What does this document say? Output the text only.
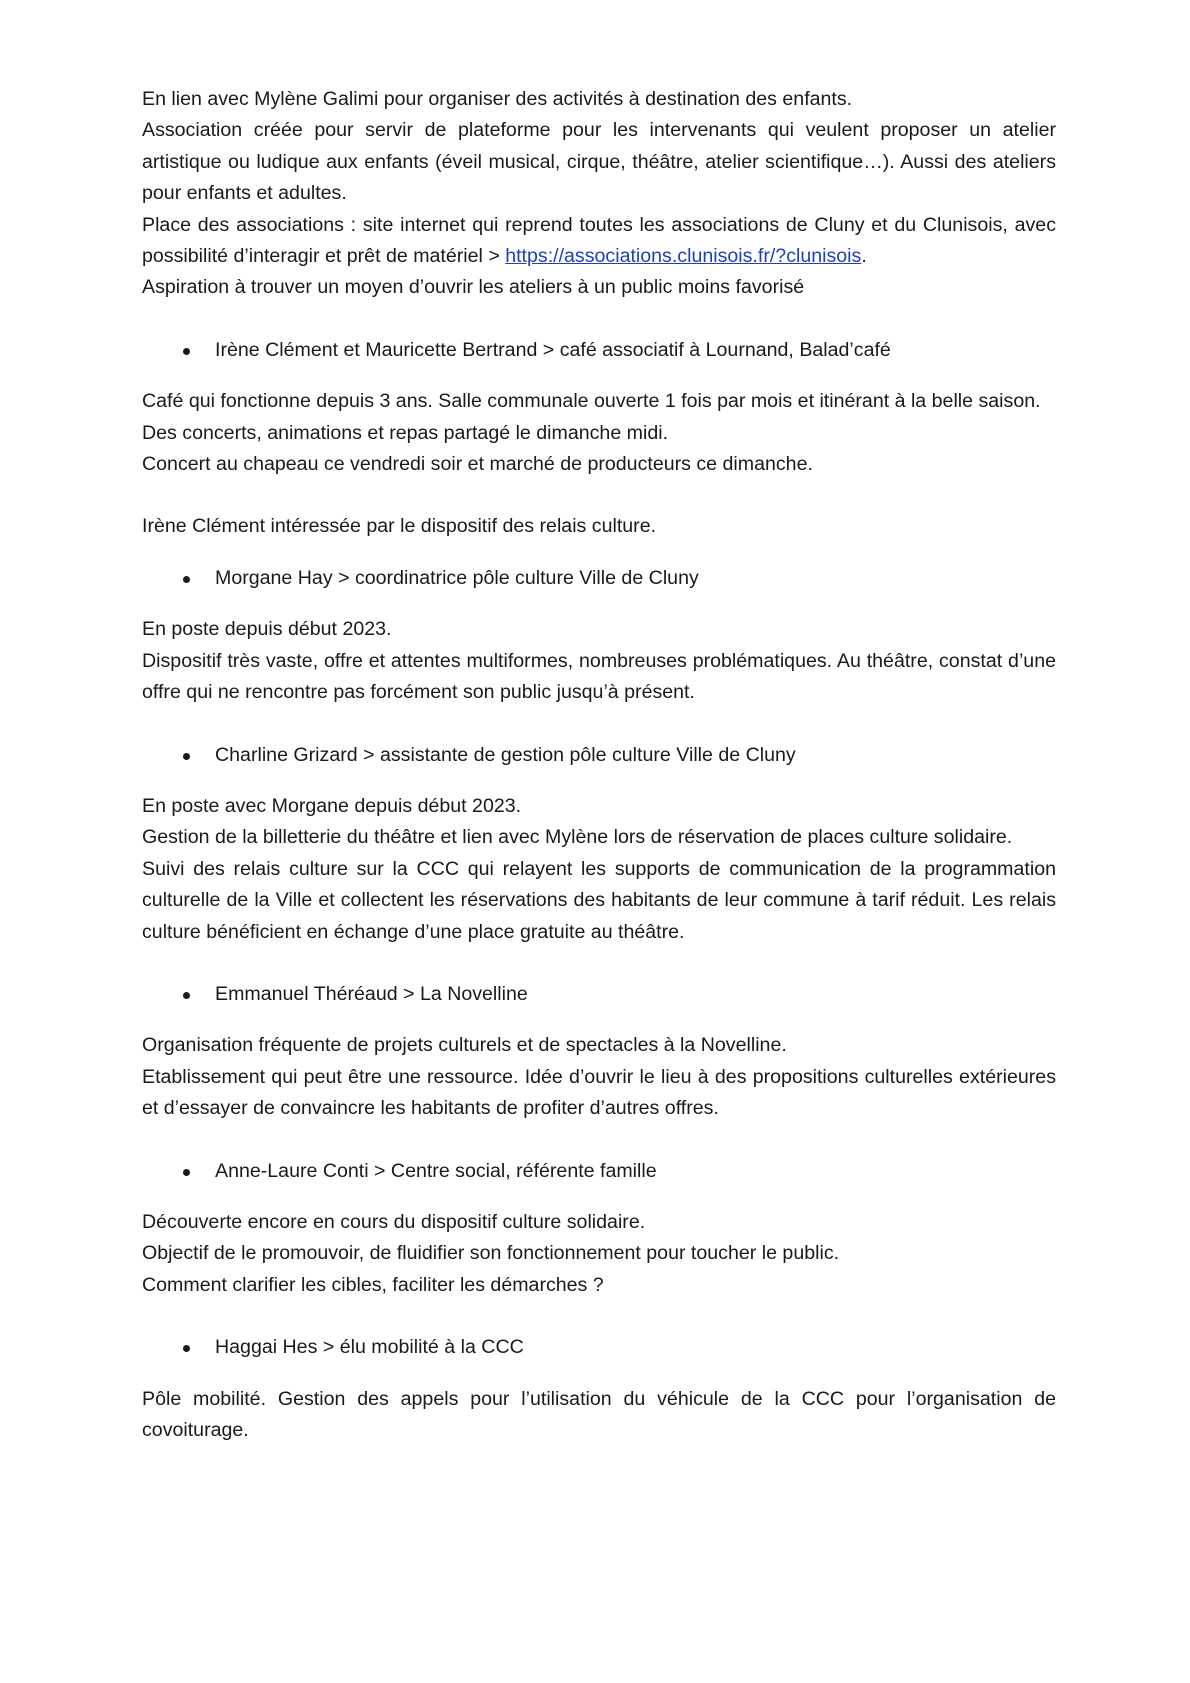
En lien avec Mylène Galimi pour organiser des activités à destination des enfants.

Association créée pour servir de plateforme pour les intervenants qui veulent proposer un atelier artistique ou ludique aux enfants (éveil musical, cirque, théâtre, atelier scientifique…). Aussi des ateliers pour enfants et adultes.

Place des associations : site internet qui reprend toutes les associations de Cluny et du Clunisois, avec possibilité d’interagir et prêt de matériel > https://associations.clunisois.fr/?clunisois.

Aspiration à trouver un moyen d’ouvrir les ateliers à un public moins favorisé

Irène Clément et Mauricette Bertrand > café associatif à Lournand, Balad’café

Café qui fonctionne depuis 3 ans. Salle communale ouverte 1 fois par mois et itinérant à la belle saison.

Des concerts, animations et repas partagé le dimanche midi.

Concert au chapeau ce vendredi soir et marché de producteurs ce dimanche.

Irène Clément intéressée par le dispositif des relais culture.

Morgane Hay > coordinatrice pôle culture Ville de Cluny

En poste depuis début 2023.

Dispositif très vaste, offre et attentes multiformes, nombreuses problématiques. Au théâtre, constat d’une offre qui ne rencontre pas forcément son public jusqu’à présent.

Charline Grizard > assistante de gestion pôle culture Ville de Cluny

En poste avec Morgane depuis début 2023.

Gestion de la billetterie du théâtre et lien avec Mylène lors de réservation de places culture solidaire.

Suivi des relais culture sur la CCC qui relayent les supports de communication de la programmation culturelle de la Ville et collectent les réservations des habitants de leur commune à tarif réduit. Les relais culture bénéficient en échange d’une place gratuite au théâtre.

Emmanuel Théréaud > La Novelline

Organisation fréquente de projets culturels et de spectacles à la Novelline.

Etablissement qui peut être une ressource. Idée d’ouvrir le lieu à des propositions culturelles extérieures et d’essayer de convaincre les habitants de profiter d’autres offres.

Anne-Laure Conti > Centre social, référente famille

Découverte encore en cours du dispositif culture solidaire.

Objectif de le promouvoir, de fluidifier son fonctionnement pour toucher le public.

Comment clarifier les cibles, faciliter les démarches ?

Haggai Hes > élu mobilité à la CCC

Pôle mobilité. Gestion des appels pour l’utilisation du véhicule de la CCC pour l’organisation de covoiturage.
